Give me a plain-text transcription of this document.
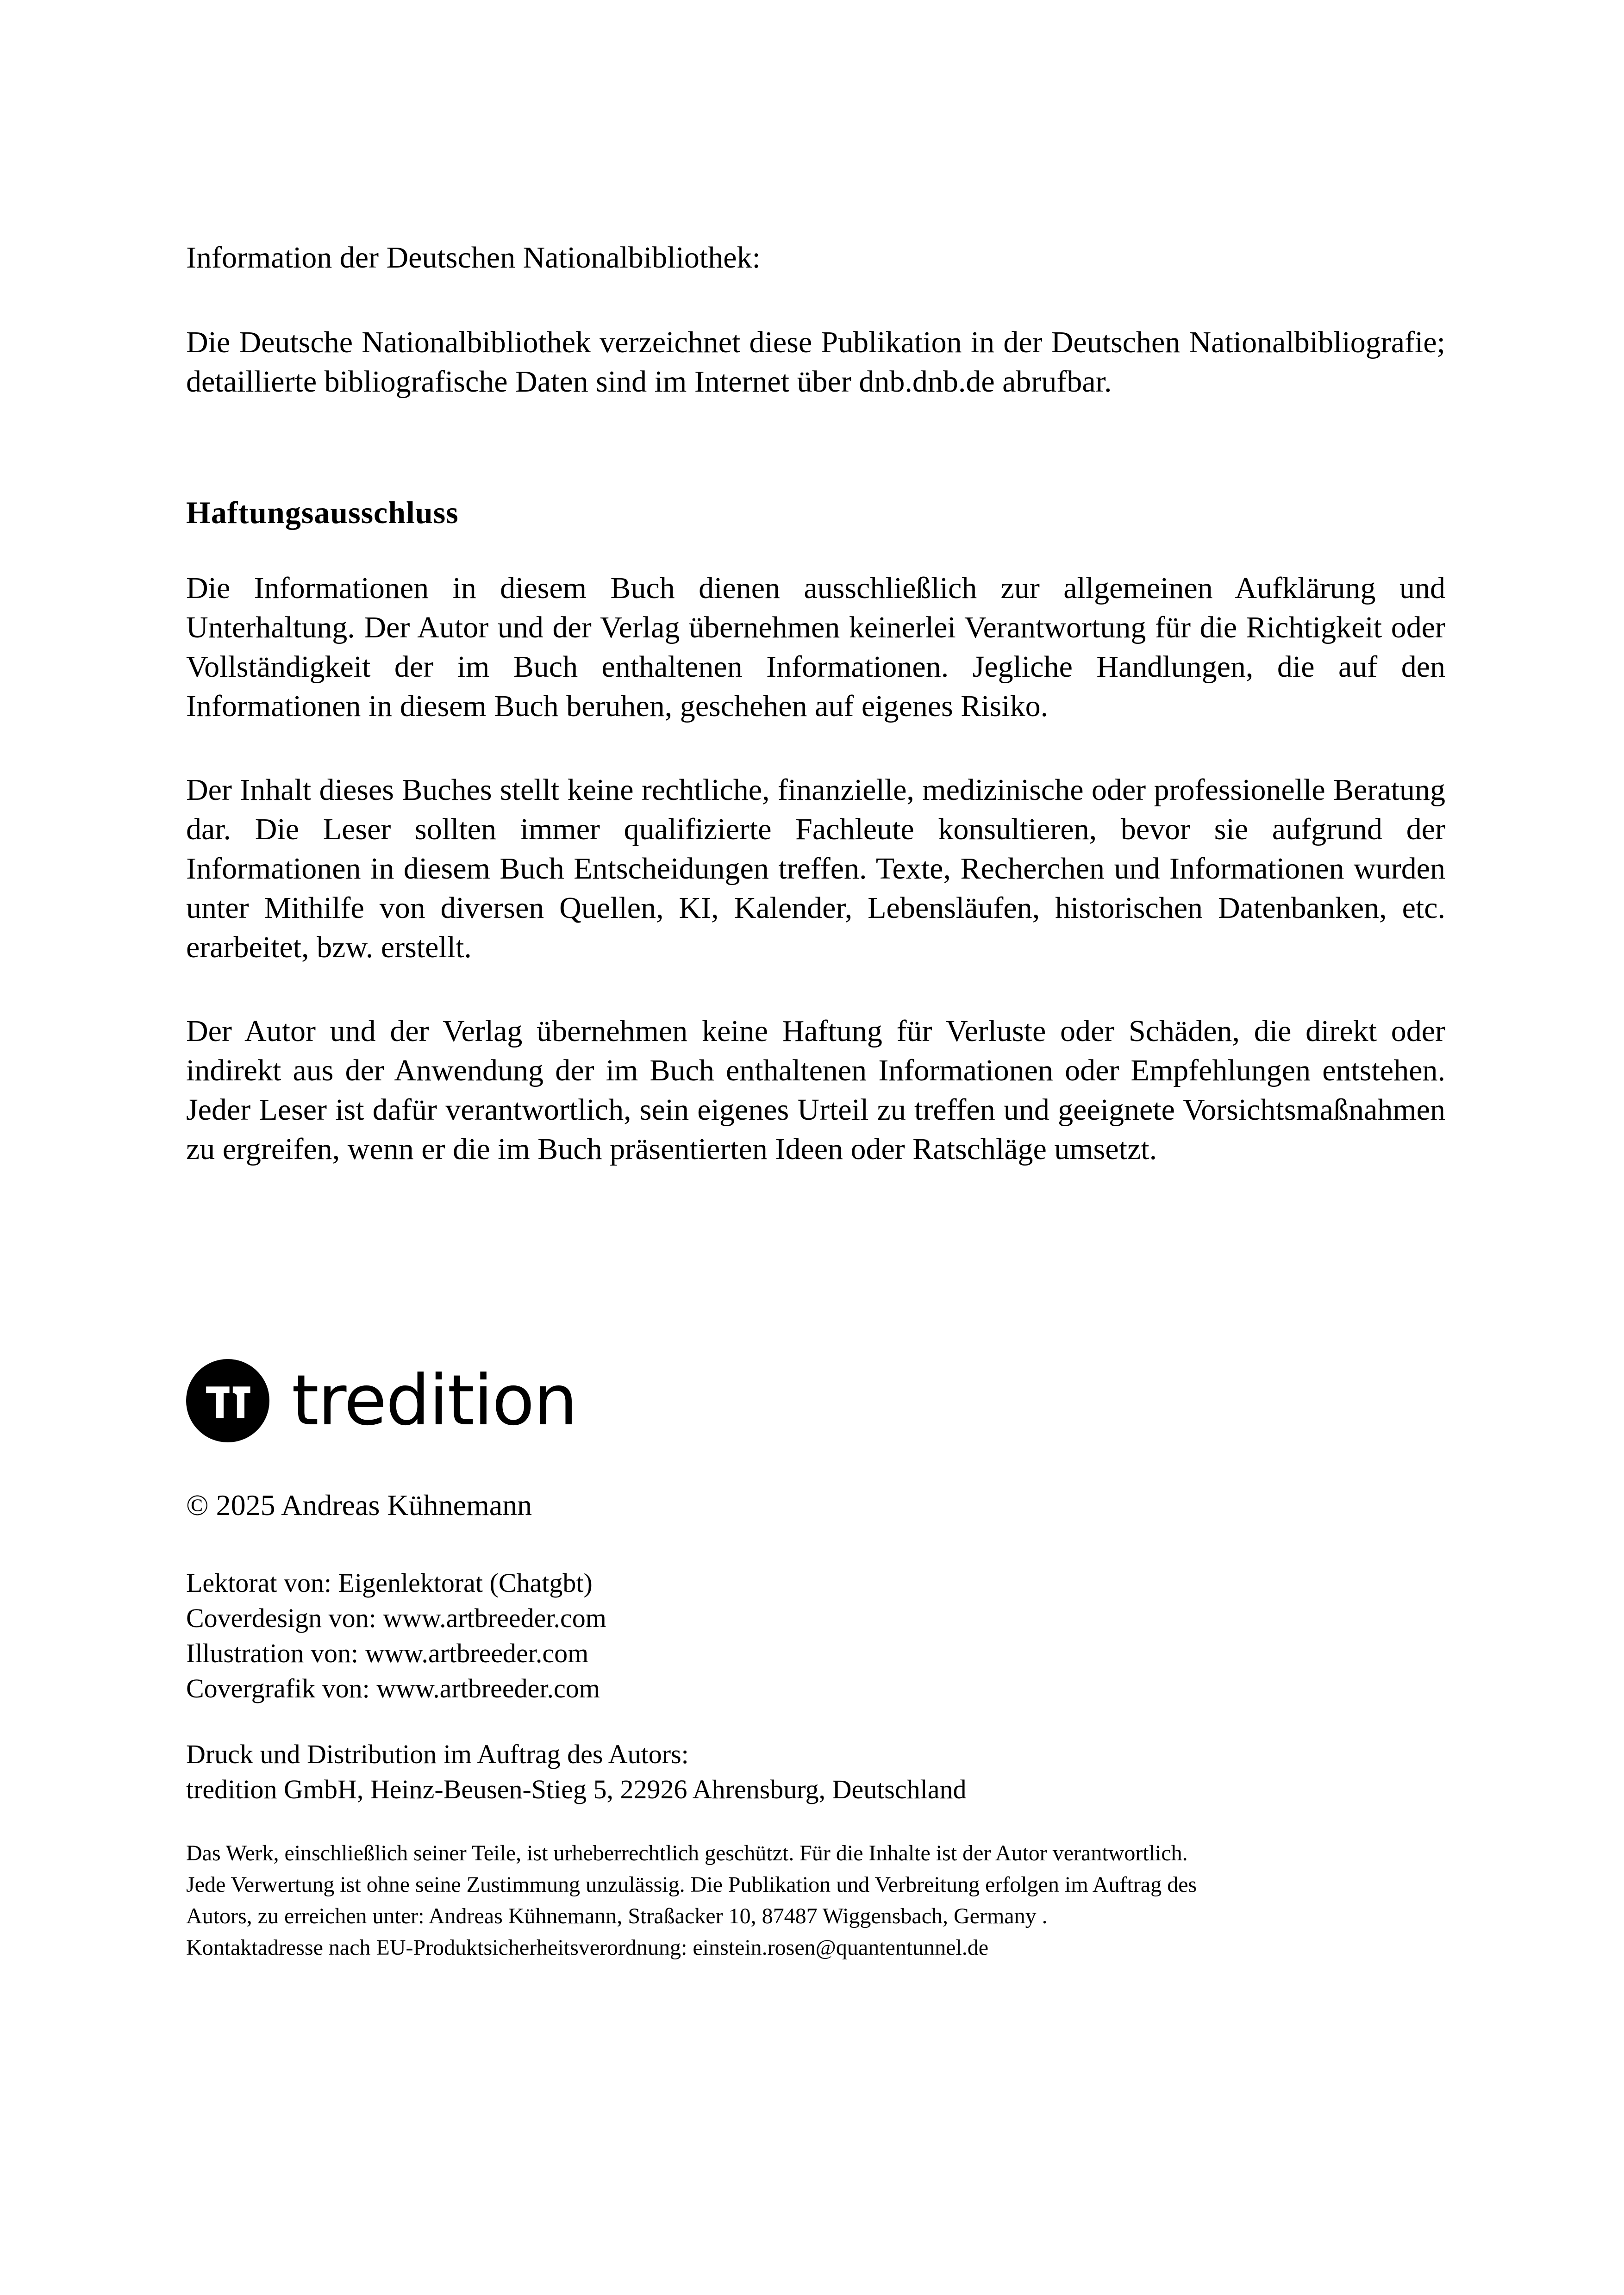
Information der Deutschen Nationalbibliothek:
Die Deutsche Nationalbibliothek verzeichnet diese Publikation in der Deutschen Nationalbibliografie; detaillierte bibliografische Daten sind im Internet über dnb.dnb.de abrufbar.
Haftungsausschluss

Die Informationen in diesem Buch dienen ausschließlich zur allgemeinen Aufklärung und Unterhaltung. Der Autor und der Verlag übernehmen keinerlei Verantwortung für die Richtigkeit oder Vollständigkeit der im Buch enthaltenen Informationen. Jegliche Handlungen, die auf den Informationen in diesem Buch beruhen, geschehen auf eigenes Risiko.

Der Inhalt dieses Buches stellt keine rechtliche, finanzielle, medizinische oder professionelle Beratung dar. Die Leser sollten immer qualifizierte Fachleute konsultieren, bevor sie aufgrund der Informationen in diesem Buch Entscheidungen treffen. Texte, Recherchen und Informationen wurden unter Mithilfe von diversen Quellen, KI, Kalender, Lebensläufen, historischen Datenbanken, etc. erarbeitet, bzw. erstellt.

Der Autor und der Verlag übernehmen keine Haftung für Verluste oder Schäden, die direkt oder indirekt aus der Anwendung der im Buch enthaltenen Informationen oder Empfehlungen entstehen. Jeder Leser ist dafür verantwortlich, sein eigenes Urteil zu treffen und geeignete Vorsichtsmaßnahmen zu ergreifen, wenn er die im Buch präsentierten Ideen oder Ratschläge umsetzt.

tredition
© 2025 Andreas Kühnemann
Lektorat von: Eigenlektorat (Chatgbt)
Coverdesign von: www.artbreeder.com
Illustration von: www.artbreeder.com
Covergrafik von: www.artbreeder.com
Druck und Distribution im Auftrag des Autors:
tredition GmbH, Heinz-Beusen-Stieg 5, 22926 Ahrensburg, Deutschland
Das Werk, einschließlich seiner Teile, ist urheberrechtlich geschützt. Für die Inhalte ist der Autor verantwortlich.
Jede Verwertung ist ohne seine Zustimmung unzulässig. Die Publikation und Verbreitung erfolgen im Auftrag des
Autors, zu erreichen unter: Andreas Kühnemann, Straßacker 10, 87487 Wiggensbach, Germany .
Kontaktadresse nach EU-Produktsicherheitsverordnung: einstein.rosen@quantentunnel.de
